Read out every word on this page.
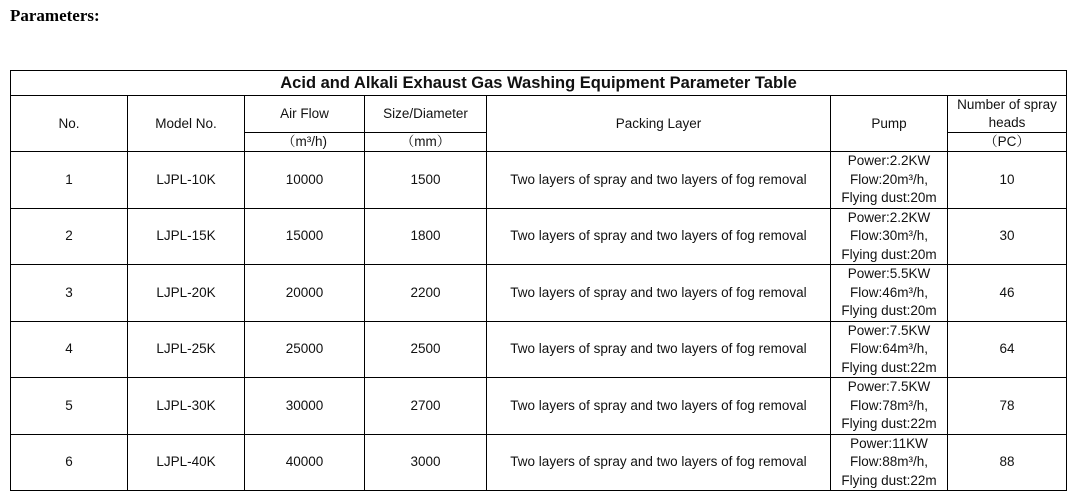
Parameters:
Acid and Alkali Exhaust Gas Washing Equipment Parameter Table						
No.	Model No.	Air Flow	Size/Diameter	Packing Layer	Pump	Number of spray
heads

		（m³/h)	（mm）			（PC）
1	LJPL-10K	10000	1500	Two layers of spray and two layers of fog removal	Power:2.2KW
Flow:20m³/h,
Flying dust:20m	10
2	LJPL-15K	15000	1800	Two layers of spray and two layers of fog removal	Power:2.2KW
Flow:30m³/h,
Flying dust:20m	30
3	LJPL-20K	20000	2200	Two layers of spray and two layers of fog removal	Power:5.5KW
Flow:46m³/h,
Flying dust:20m	46
4	LJPL-25K	25000	2500	Two layers of spray and two layers of fog removal	Power:7.5KW
Flow:64m³/h,
Flying dust:22m	64
5	LJPL-30K	30000	2700	Two layers of spray and two layers of fog removal	Power:7.5KW
Flow:78m³/h,
Flying dust:22m	78
6	LJPL-40K	40000	3000	Two layers of spray and two layers of fog removal	Power:11KW
Flow:88m³/h,
Flying dust:22m	88
